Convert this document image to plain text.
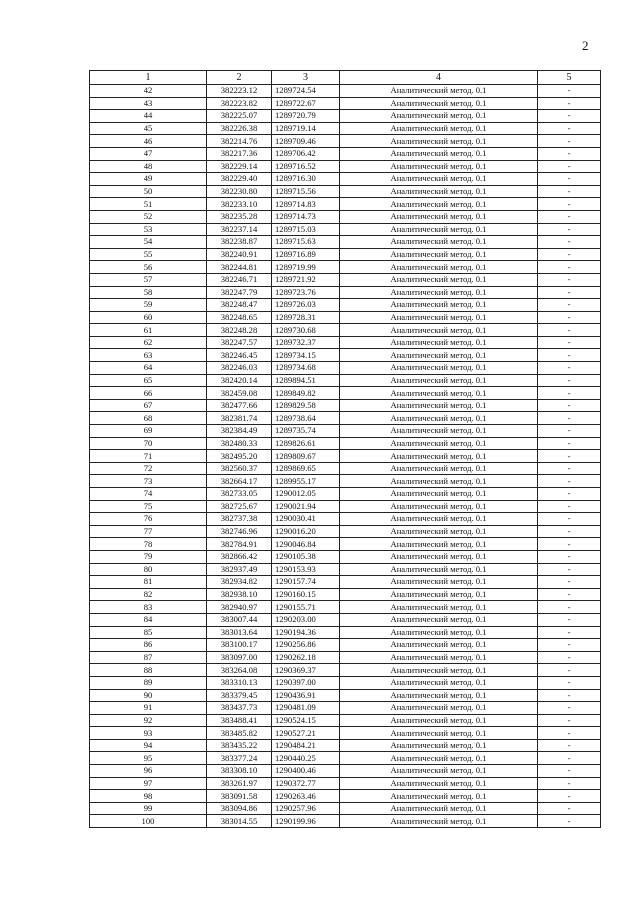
2
1	2	3	4	5
42	382223.12	1289724.54	Аналитический метод. 0.1	-
43	382223.82	1289722.67	Аналитический метод. 0.1	-
44	382225.07	1289720.79	Аналитический метод. 0.1	-
45	382226.38	1289719.14	Аналитический метод. 0.1	-
46	382214.76	1289709.46	Аналитический метод. 0.1	-
47	382217.36	1289706.42	Аналитический метод. 0.1	-
48	382229.14	1289716.52	Аналитический метод. 0.1	-
49	382229.40	1289716.30	Аналитический метод. 0.1	-
50	382230.80	1289715.56	Аналитический метод. 0.1	-
51	382233.10	1289714.83	Аналитический метод. 0.1	-
52	382235.28	1289714.73	Аналитический метод. 0.1	-
53	382237.14	1289715.03	Аналитический метод. 0.1	-
54	382238.87	1289715.63	Аналитический метод. 0.1	-
55	382240.91	1289716.89	Аналитический метод. 0.1	-
56	382244.81	1289719.99	Аналитический метод. 0.1	-
57	382246.71	1289721.92	Аналитический метод. 0.1	-
58	382247.79	1289723.76	Аналитический метод. 0.1	-
59	382248.47	1289726.03	Аналитический метод. 0.1	-
60	382248.65	1289728.31	Аналитический метод. 0.1	-
61	382248.28	1289730.68	Аналитический метод. 0.1	-
62	382247.57	1289732.37	Аналитический метод. 0.1	-
63	382246.45	1289734.15	Аналитический метод. 0.1	-
64	382246.03	1289734.68	Аналитический метод. 0.1	-
65	382420.14	1289894.51	Аналитический метод. 0.1	-
66	382459.08	1289849.82	Аналитический метод. 0.1	-
67	382477.66	1289829.58	Аналитический метод. 0.1	-
68	382381.74	1289738.64	Аналитический метод. 0.1	-
69	382384.49	1289735.74	Аналитический метод. 0.1	-
70	382480.33	1289826.61	Аналитический метод. 0.1	-
71	382495.20	1289809.67	Аналитический метод. 0.1	-
72	382560.37	1289869.65	Аналитический метод. 0.1	-
73	382664.17	1289955.17	Аналитический метод. 0.1	-
74	382733.05	1290012.05	Аналитический метод. 0.1	-
75	382725.67	1290021.94	Аналитический метод. 0.1	-
76	382737.38	1290030.41	Аналитический метод. 0.1	-
77	382746.96	1290016.20	Аналитический метод. 0.1	-
78	382784.91	1290046.84	Аналитический метод. 0.1	-
79	382866.42	1290105.38	Аналитический метод. 0.1	-
80	382937.49	1290153.93	Аналитический метод. 0.1	-
81	382934.82	1290157.74	Аналитический метод. 0.1	-
82	382938.10	1290160.15	Аналитический метод. 0.1	-
83	382940.97	1290155.71	Аналитический метод. 0.1	-
84	383007.44	1290203.00	Аналитический метод. 0.1	-
85	383013.64	1290194.36	Аналитический метод. 0.1	-
86	383100.17	1290256.86	Аналитический метод. 0.1	-
87	383097.00	1290262.18	Аналитический метод. 0.1	-
88	383264.08	1290369.37	Аналитический метод. 0.1	-
89	383310.13	1290397.00	Аналитический метод. 0.1	-
90	383379.45	1290436.91	Аналитический метод. 0.1	-
91	383437.73	1290481.09	Аналитический метод. 0.1	-
92	383488.41	1290524.15	Аналитический метод. 0.1	-
93	383485.82	1290527.21	Аналитический метод. 0.1	-
94	383435.22	1290484.21	Аналитический метод. 0.1	-
95	383377.24	1290440.25	Аналитический метод. 0.1	-
96	383308.10	1290400.46	Аналитический метод. 0.1	-
97	383261.97	1290372.77	Аналитический метод. 0.1	-
98	383091.58	1290263.46	Аналитический метод. 0.1	-
99	383094.86	1290257.96	Аналитический метод. 0.1	-
100	383014.55	1290199.96	Аналитический метод. 0.1	-
